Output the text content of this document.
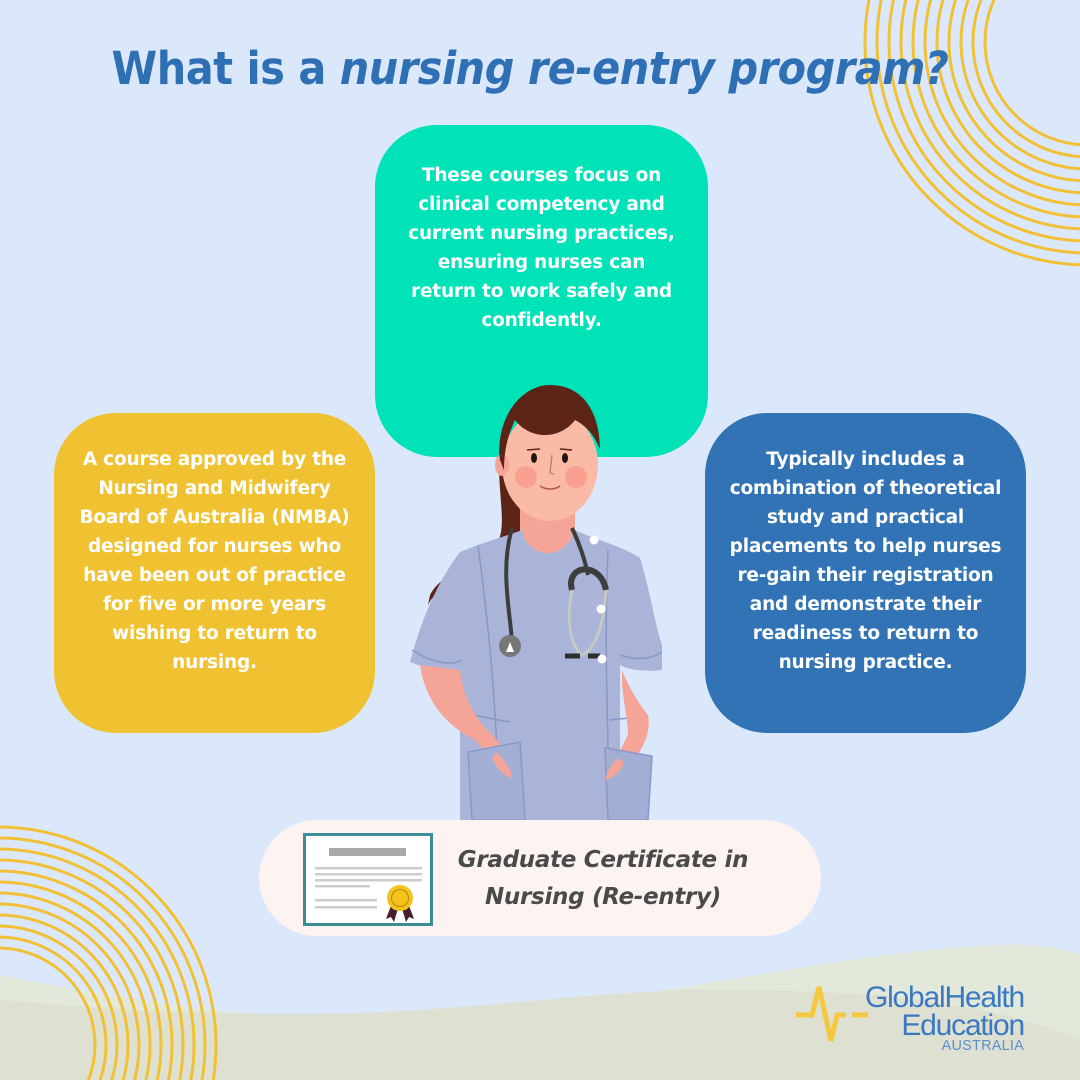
What is a nursing re-entry program?

These courses focus on clinical competency and current nursing practices, ensuring nurses can return to work safely and confidently.

A course approved by the Nursing and Midwifery Board of Australia (NMBA) designed for nurses who have been out of practice for five or more years wishing to return to nursing.

Typically includes a combination of theoretical study and practical placements to help nurses re-gain their registration and demonstrate their readiness to return to nursing practice.

Graduate Certificate in
Nursing (Re-entry)
GlobalHealth
Education
AUSTRALIA
